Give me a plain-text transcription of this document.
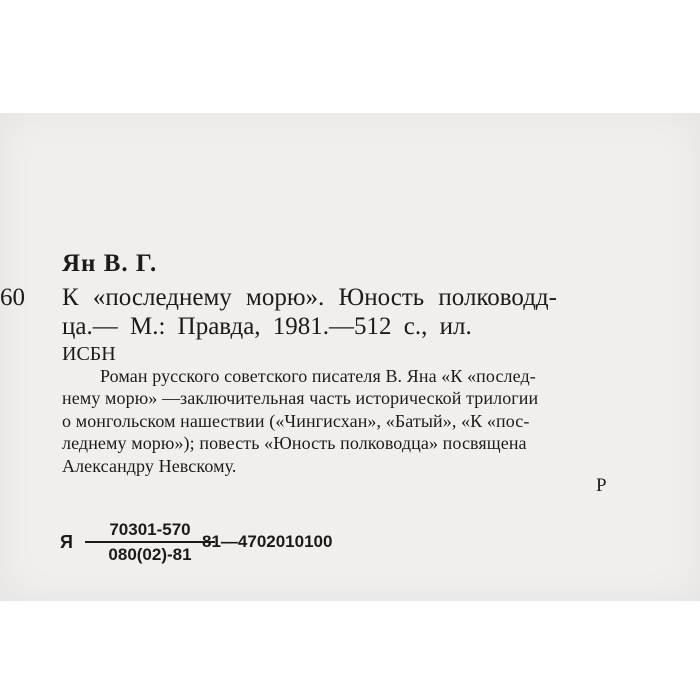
Ян В. Г.
60 К «последнему морю». Юность полководд-
ца.— М.: Правда, 1981.—512 с., ил.
ИСБН
Роман русского советского писателя В. Яна «К «послед-
нему морю» —заключительная часть исторической трилогии
о монгольском нашествии («Чингисхан», «Батый», «К «пос-
леднему морю»); повесть «Юность полководца» посвящена
Александру Невскому.
Р
Я
70301-570
080(02)-81
81—4702010100
